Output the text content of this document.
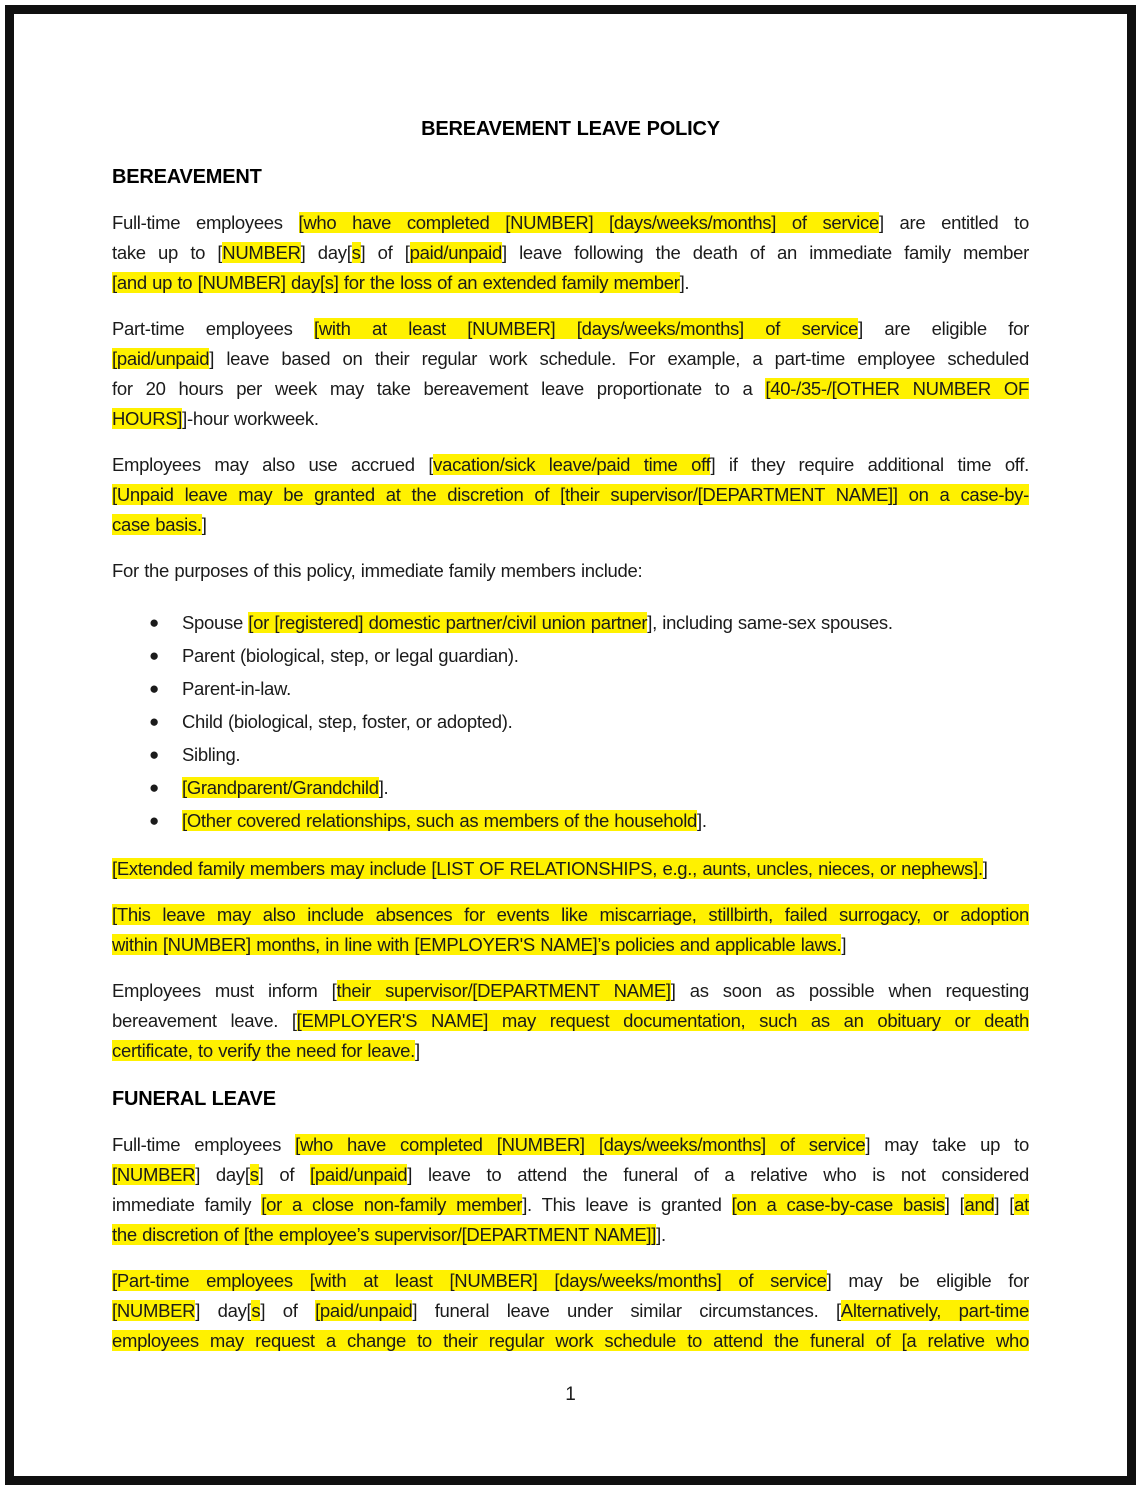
BEREAVEMENT LEAVE POLICY
BEREAVEMENT
Full-time employees [who have completed [NUMBER] [days/weeks/months] of service] are entitled to
take up to [NUMBER] day[s] of [paid/unpaid] leave following the death of an immediate family member
[and up to [NUMBER] day[s] for the loss of an extended family member].
Part-time employees [with at least [NUMBER] [days/weeks/months] of service] are eligible for
[paid/unpaid] leave based on their regular work schedule. For example, a part-time employee scheduled
for 20 hours per week may take bereavement leave proportionate to a [40-/35-/[OTHER NUMBER OF
HOURS]]-hour workweek.
Employees may also use accrued [vacation/sick leave/paid time off] if they require additional time off.
[Unpaid leave may be granted at the discretion of [their supervisor/[DEPARTMENT NAME]] on a case-by-
case basis.]
For the purposes of this policy, immediate family members include:
● Spouse [or [registered] domestic partner/civil union partner], including same-sex spouses.
● Parent (biological, step, or legal guardian).
● Parent-in-law.
● Child (biological, step, foster, or adopted).
● Sibling.
● [Grandparent/Grandchild].
● [Other covered relationships, such as members of the household].
[Extended family members may include [LIST OF RELATIONSHIPS, e.g., aunts, uncles, nieces, or nephews].]
[This leave may also include absences for events like miscarriage, stillbirth, failed surrogacy, or adoption
within [NUMBER] months, in line with [EMPLOYER'S NAME]’s policies and applicable laws.]
Employees must inform [their supervisor/[DEPARTMENT NAME]] as soon as possible when requesting
bereavement leave. [[EMPLOYER'S NAME] may request documentation, such as an obituary or death
certificate, to verify the need for leave.]
FUNERAL LEAVE
Full-time employees [who have completed [NUMBER] [days/weeks/months] of service] may take up to
[NUMBER] day[s] of [paid/unpaid] leave to attend the funeral of a relative who is not considered
immediate family [or a close non-family member]. This leave is granted [on a case-by-case basis] [and] [at
the discretion of [the employee’s supervisor/[DEPARTMENT NAME]]].
[Part-time employees [with at least [NUMBER] [days/weeks/months] of service] may be eligible for
[NUMBER] day[s] of [paid/unpaid] funeral leave under similar circumstances. [Alternatively, part-time
employees may request a change to their regular work schedule to attend the funeral of [a relative who
1
